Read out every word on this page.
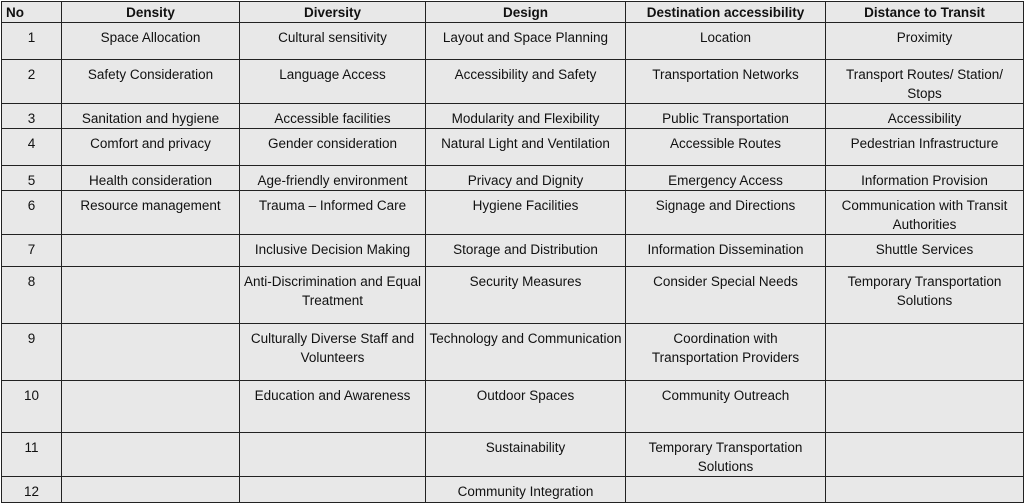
No	Density	Diversity	Design	Destination accessibility	Distance to Transit
1	Space Allocation	Cultural sensitivity	Layout and Space Planning	Location	Proximity
2	Safety Consideration	Language Access	Accessibility and Safety	Transportation Networks	Transport Routes/ Station/ Stops
3	Sanitation and hygiene	Accessible facilities	Modularity and Flexibility	Public Transportation	Accessibility
4	Comfort and privacy	Gender consideration	Natural Light and Ventilation	Accessible Routes	Pedestrian Infrastructure
5	Health consideration	Age-friendly environment	Privacy and Dignity	Emergency Access	Information Provision
6	Resource management	Trauma – Informed Care	Hygiene Facilities	Signage and Directions	Communication with Transit Authorities
7		Inclusive Decision Making	Storage and Distribution	Information Dissemination	Shuttle Services
8		Anti-Discrimination and Equal Treatment	Security Measures	Consider Special Needs	Temporary Transportation Solutions
9		Culturally Diverse Staff and Volunteers	Technology and Communication	Coordination with Transportation Providers	
10		Education and Awareness	Outdoor Spaces	Community Outreach	
11			Sustainability	Temporary Transportation Solutions	
12			Community Integration		
